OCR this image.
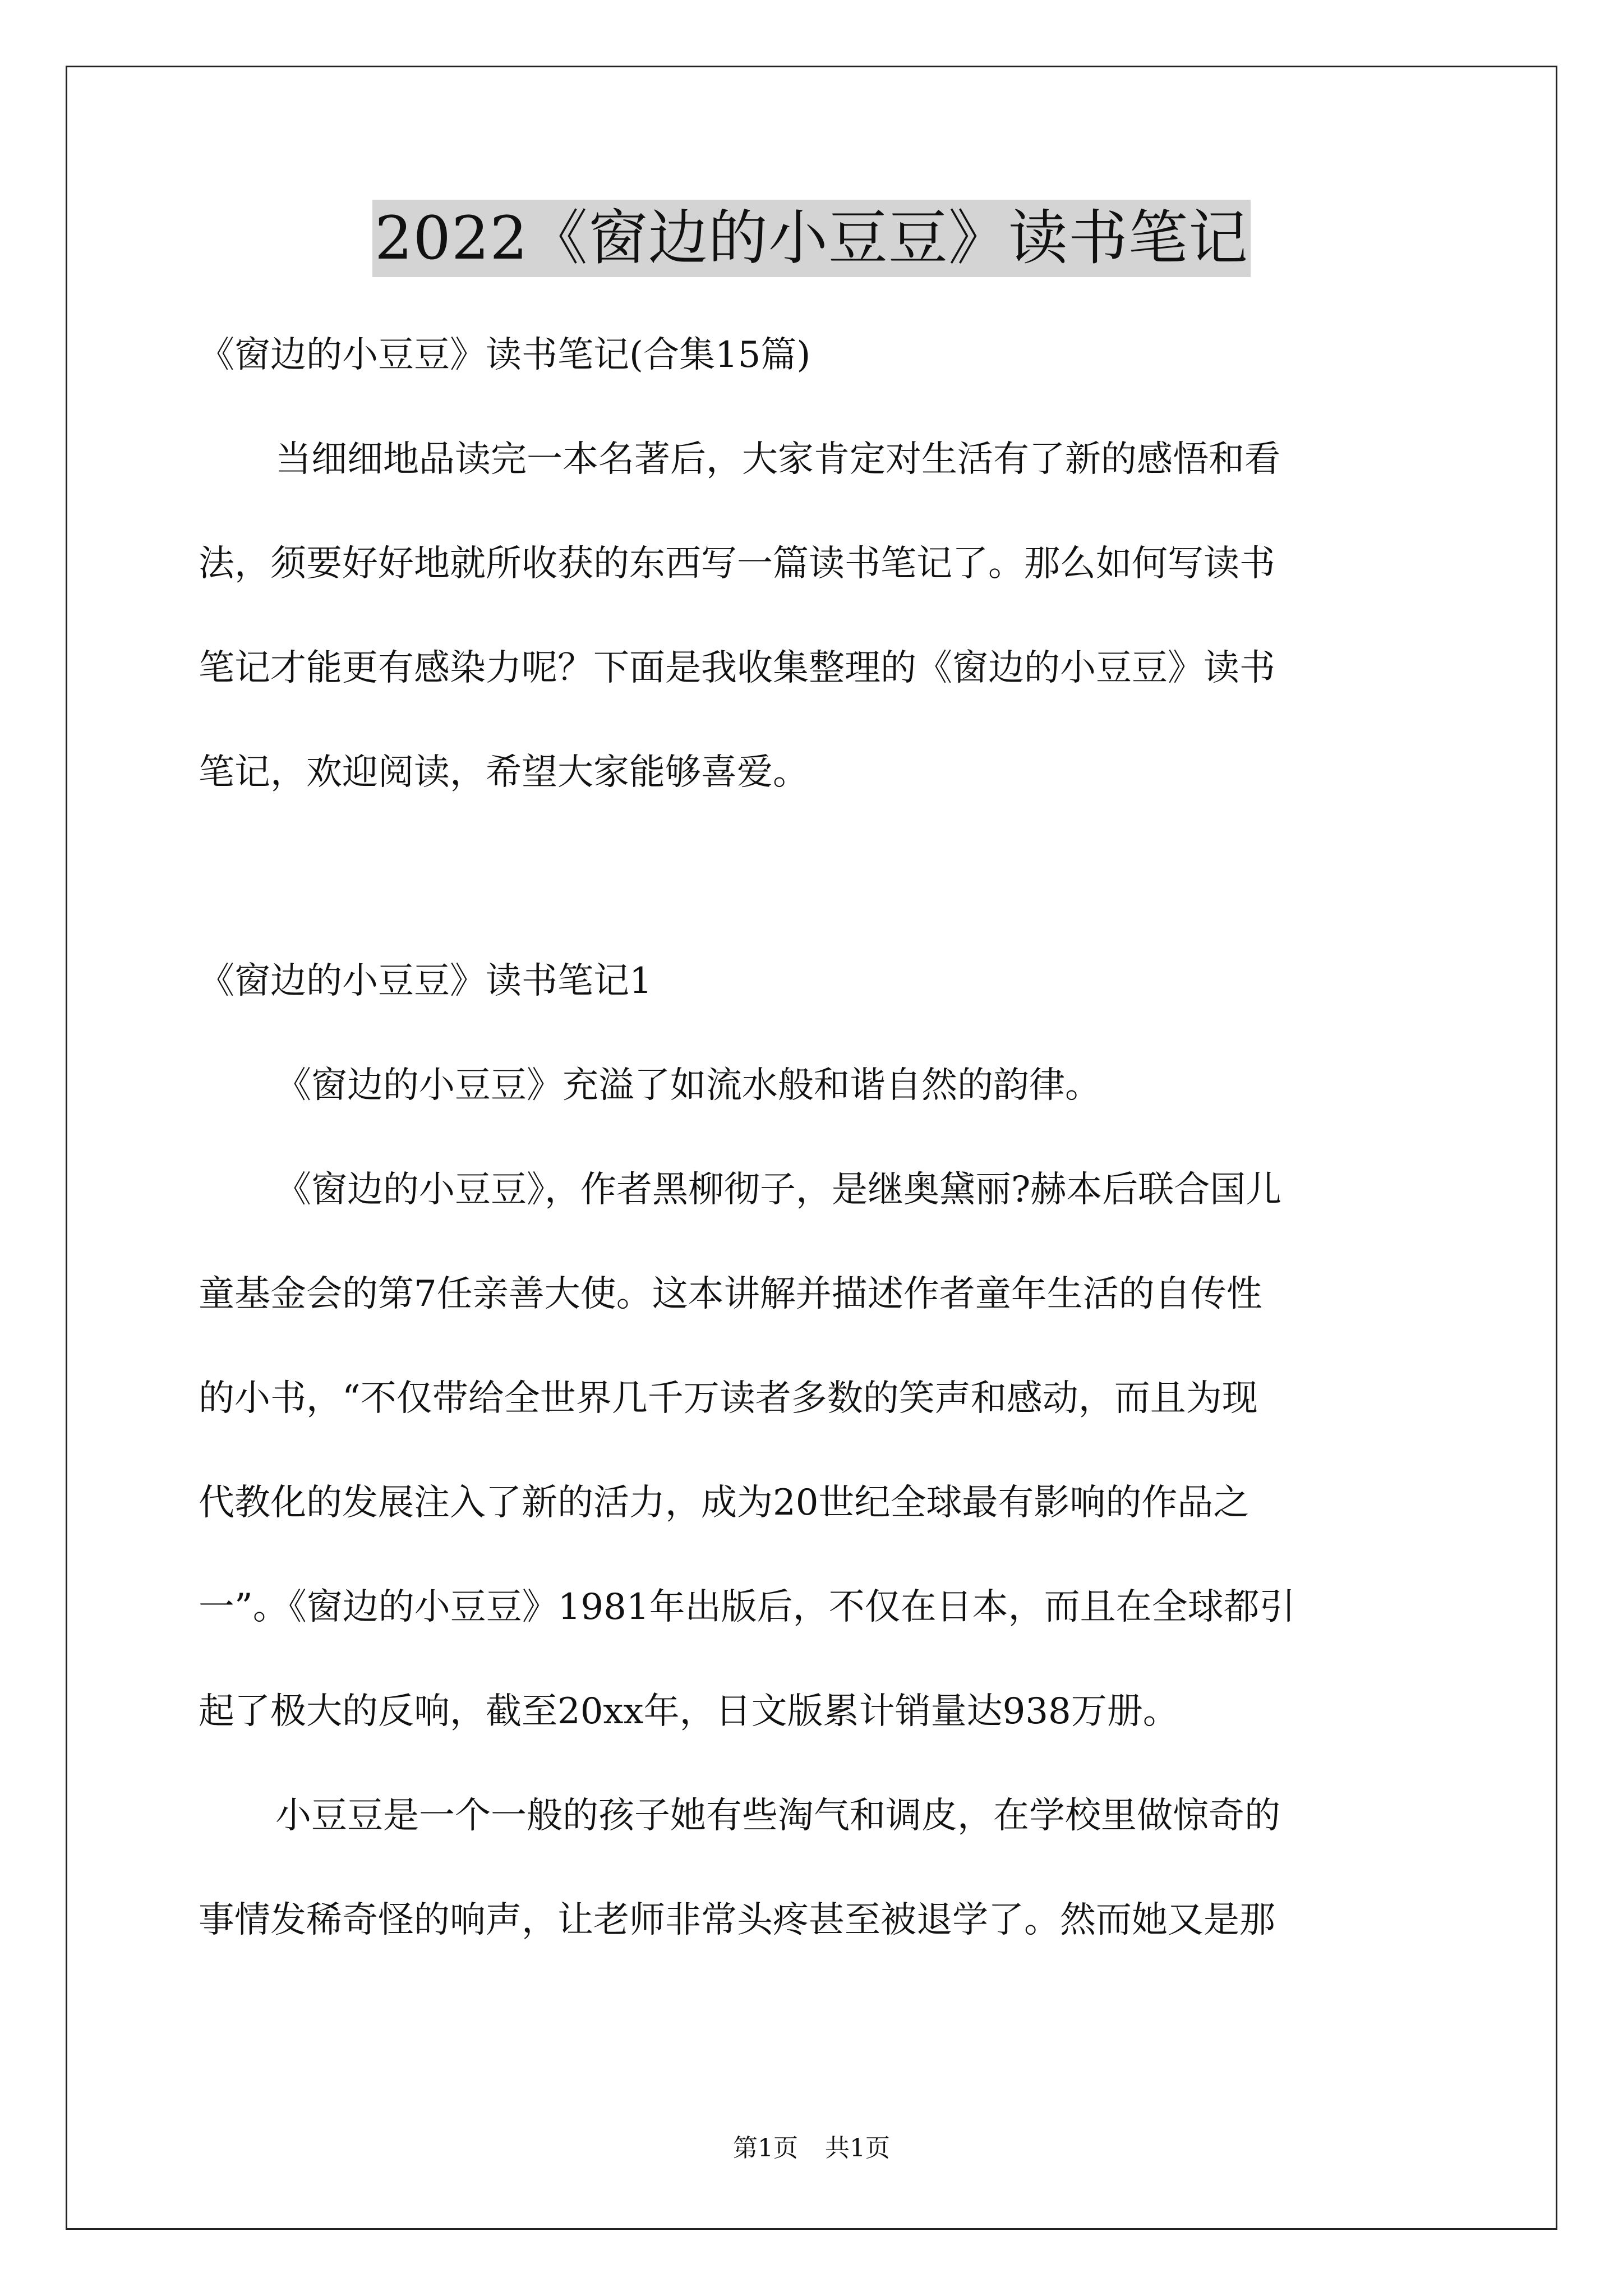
2022《窗边的小豆豆》读书笔记

《窗边的小豆豆》读书笔记(合集15篇)

当细细地品读完一本名著后，大家肯定对生活有了新的感悟和看

法，须要好好地就所收获的东西写一篇读书笔记了。那么如何写读书

笔记才能更有感染力呢？下面是我收集整理的《窗边的小豆豆》读书

笔记，欢迎阅读，希望大家能够喜爱。

《窗边的小豆豆》读书笔记1

《窗边的小豆豆》充溢了如流水般和谐自然的韵律。

《窗边的小豆豆》，作者黑柳彻子，是继奥黛丽?赫本后联合国儿

童基金会的第7任亲善大使。这本讲解并描述作者童年生活的自传性

的小书，“不仅带给全世界几千万读者多数的笑声和感动，而且为现

代教化的发展注入了新的活力，成为20世纪全球最有影响的作品之

一”。《窗边的小豆豆》1981年出版后，不仅在日本，而且在全球都引

起了极大的反响，截至20xx年，日文版累计销量达938万册。

小豆豆是一个一般的孩子她有些淘气和调皮，在学校里做惊奇的

事情发稀奇怪的响声，让老师非常头疼甚至被退学了。然而她又是那

第1页 共1页
